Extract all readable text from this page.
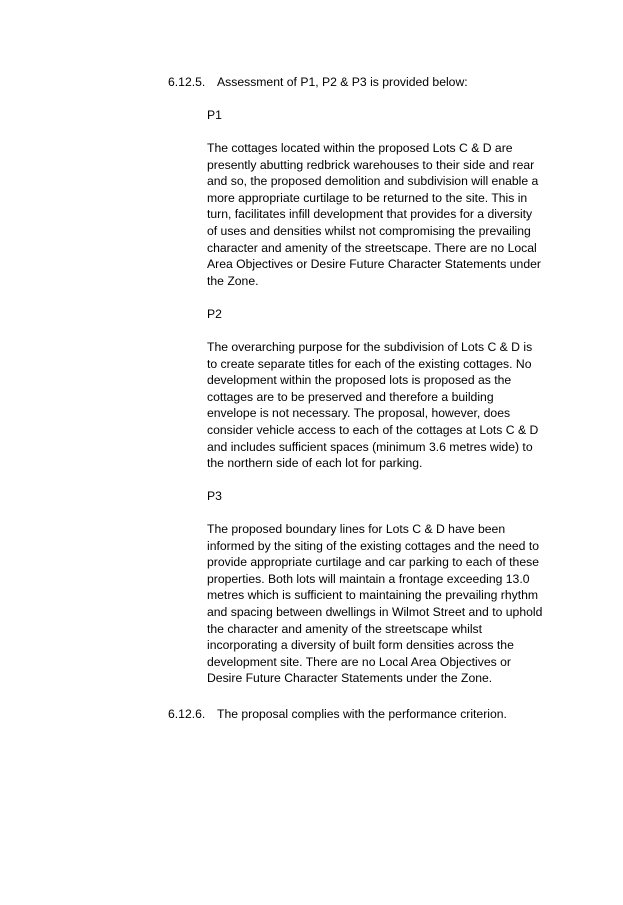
6.12.5. Assessment of P1, P2 & P3 is provided below:
P1
The cottages located within the proposed Lots C & D are
presently abutting redbrick warehouses to their side and rear
and so, the proposed demolition and subdivision will enable a
more appropriate curtilage to be returned to the site. This in
turn, facilitates infill development that provides for a diversity
of uses and densities whilst not compromising the prevailing
character and amenity of the streetscape. There are no Local
Area Objectives or Desire Future Character Statements under
the Zone.
P2
The overarching purpose for the subdivision of Lots C & D is
to create separate titles for each of the existing cottages. No
development within the proposed lots is proposed as the
cottages are to be preserved and therefore a building
envelope is not necessary. The proposal, however, does
consider vehicle access to each of the cottages at Lots C & D
and includes sufficient spaces (minimum 3.6 metres wide) to
the northern side of each lot for parking.
P3
The proposed boundary lines for Lots C & D have been
informed by the siting of the existing cottages and the need to
provide appropriate curtilage and car parking to each of these
properties. Both lots will maintain a frontage exceeding 13.0
metres which is sufficient to maintaining the prevailing rhythm
and spacing between dwellings in Wilmot Street and to uphold
the character and amenity of the streetscape whilst
incorporating a diversity of built form densities across the
development site. There are no Local Area Objectives or
Desire Future Character Statements under the Zone.
6.12.6. The proposal complies with the performance criterion.
